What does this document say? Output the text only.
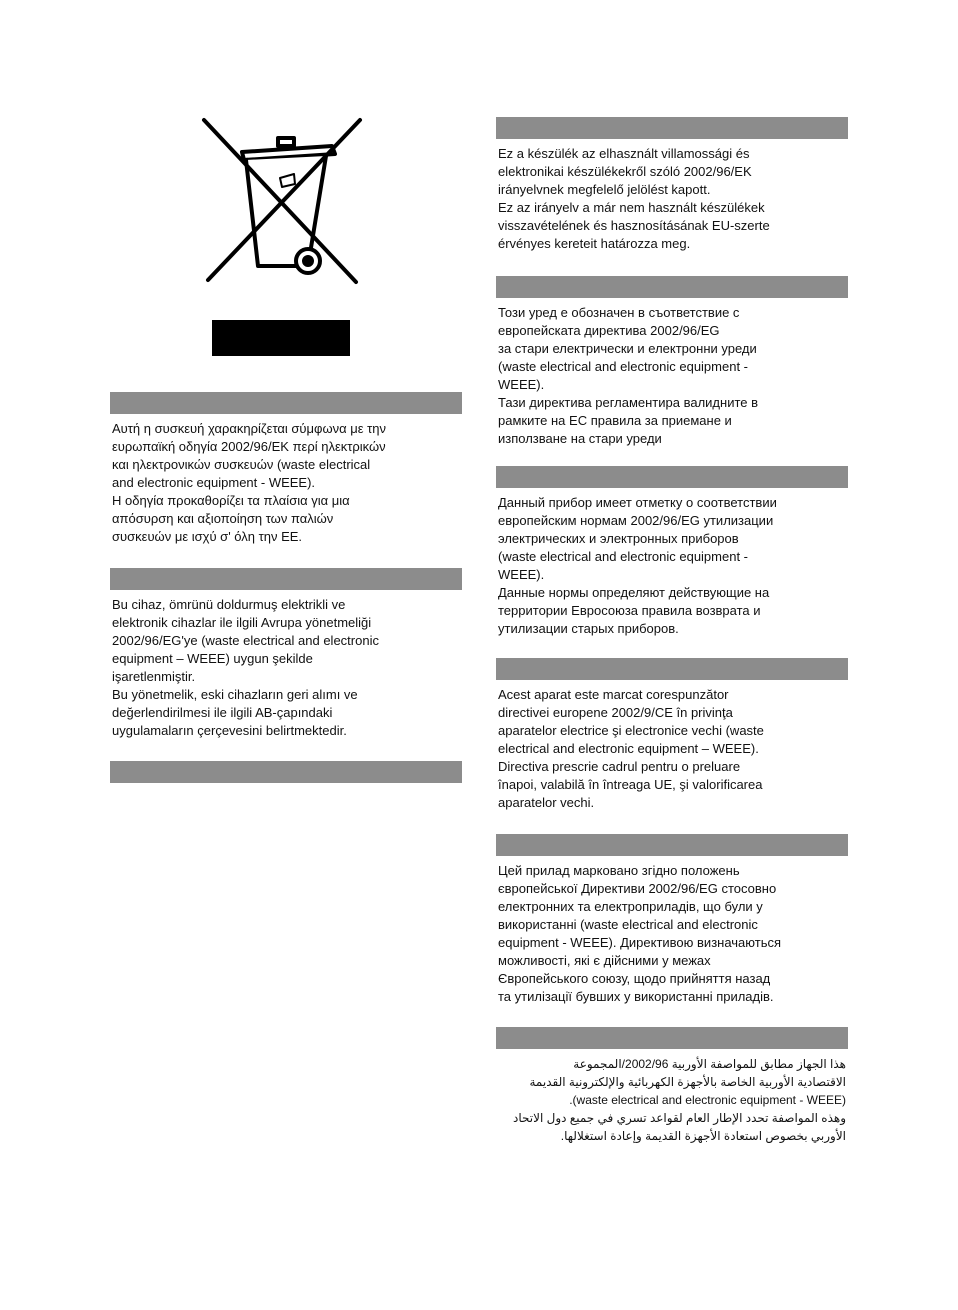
Αυτή η συσκευή χαρακηρίζεται σύμφωνα με την
ευρωπαϊκή οδηγία 2002/96/ΕΚ περί ηλεκτρικών
και ηλεκτρονικών συσκευών (waste electrical
and electronic equipment - WEEE).
Η οδηγία προκαθορίζει τα πλαίσια για μια
απόσυρση και αξιοποίηση των παλιών
συσκευών με ισχύ σ' όλη την ΕΕ.

Bu cihaz, ömrünü doldurmuş elektrikli ve
elektronik cihazlar ile ilgili Avrupa yönetmeliği
2002/96/EG'ye (waste electrical and electronic
equipment – WEEE) uygun şekilde
işaretlenmiştir.
Bu yönetmelik, eski cihazların geri alımı ve
değerlendirilmesi ile ilgili AB-çapındaki
uygulamaların çerçevesini belirtmektedir.

Ez a készülék az elhasznált villamossági és
elektronikai készülékekről szóló 2002/96/EK
irányelvnek megfelelő jelölést kapott.
Ez az irányelv a már nem használt készülékek
visszavételének és hasznosításának EU-szerte
érvényes kereteit határozza meg.

Този уред е обозначен в съответствие с
европейската директива 2002/96/EG
за стари електрически и електронни уреди
(waste electrical and electronic equipment -
WEEE).
Тази директива регламентира валидните в
рамките на ЕС правила за приемане и
използване на стари уреди

Данный прибор имеет отметку о соответствии
европейским нормам 2002/96/EG утилизации
электрических и электронных приборов
(waste electrical and electronic equipment -
WEEE).
Данные нормы определяют действующие на
территории Евросоюза правила возврата и
утилизации старых приборов.

Acest aparat este marcat corespunzător
directivei europene 2002/9/CE în privinţa
aparatelor electrice şi electronice vechi (waste
electrical and electronic equipment – WEEE).
Directiva prescrie cadrul pentru o preluare
înapoi, valabilă în întreaga UE, şi valorificarea
aparatelor vechi.

Цей прилад марковано згідно положень
європейської Директиви 2002/96/EG стосовно
електронних та електроприладів, що були у
використанні (waste electrical and electronic
equipment - WEEE). Директивою визначаються
можливості, які є дійсними у межах
Європейського союзу, щодо прийняття назад
та утилізації бувших у використанні приладів.

هذا الجهاز مطابق للمواصفة الأوربية 2002/96/المجموعة
الاقتصادية الأوربية الخاصة بالأجهزة الكهربائية والإلكترونية القديمة
(waste electrical and electronic equipment - WEEE).
وهذه المواصفة تحدد الإطار العام لقواعد تسري في جميع دول الاتحاد
الأوربي بخصوص استعادة الأجهزة القديمة وإعادة استغلالها.
